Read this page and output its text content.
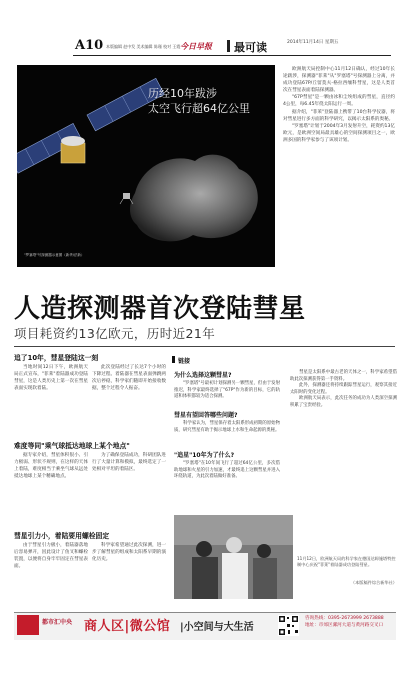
A10 本版编辑 赵中发 美术编辑 陈瑾 校对 王霞 今日早报 最可读	2014年11月14日 星期五
历经10年跋涉
太空飞行超64亿公里
"罗塞塔"号探测器示意图（新华/法新）

欧洲航天局控制中心11月12日确认，经过10年长途跋涉，探测器"菲莱"从"罗塞塔"号探测器上分离，并成功登陆67P/丘留莫夫-格拉西缅科彗星，这是人类首次在彗星表面着陆探测器。

"67P彗星"是一颗由冰和尘埃组成的彗星，直径约4公里，每6.45年绕太阳运行一周。

据介绍，"菲莱"登陆器上携带了10台科学仪器，将对彗星进行多方面的科学研究，以揭示太阳系的奥秘。

"罗塞塔"计划于2004年3月发射升空，耗资约13亿欧元，是欧洲空间局最具雄心的空间探测项目之一，欧洲多国的科学家参与了该项计划。

人造探测器首次登陆彗星
项目耗资约13亿欧元，历时近21年
追了10年，彗星登陆这一刻

当地时间12日下午，欧洲航天局正式宣布，"菲莱"着陆器成功登陆彗星，这是人类历史上第一次在彗星表面实现软着陆。

此次登陆经过了长达7个小时的下降过程。着陆器在彗星表面弹跳两次后停稳，科学家们随即开始接收数据，整个过程令人振奋。

难度等同"乘气球抵达地球上某个地点"

据专家介绍，彗星体积很小、引力极弱、形状不规则，在这样的天体上着陆，难度相当于乘坐气球从远处抵达地球上某个精确地点。

为了确保登陆成功，科研团队进行了大量计算和模拟，最终选定了一处相对平坦的着陆区。

彗星引力小，着陆要用螺栓固定

由于彗星引力极小，着陆器落地后容易弹开，因此设计了鱼叉和螺栓装置，以便将自身牢牢固定在彗星表面。

科学家希望通过此次探测，进一步了解彗星的组成和太阳系早期的演化历史。

链接
为什么选择这颗彗星?

"罗塞塔"号最初计划探测另一颗彗星，但由于发射推迟，科学家最终选择了"67P"作为新的目标，它的轨道和体积都较为适合探测。

彗星有望回答哪些问题?

科学家认为，彗星保存着太阳系形成初期的原始物质，研究彗星有助于揭示地球上水和生命起源的奥秘。

"追星"10年为了什么?

"罗塞塔"在10年间飞行了超过64亿公里，多次借助地球和火星的引力加速，才最终追上这颗彗星并进入环绕轨道，为此次着陆做好准备。

彗星是太阳系中最古老的天体之一，科学家希望借助此次探测获得第一手资料。

此外，探测器还将持续跟踪彗星运行，观察其接近太阳时的变化过程。

欧洲航天局表示，此次任务的成功为人类深空探测积累了宝贵经验。

11月12日，欧洲航天局的科学家在德国达姆施塔特控制中心庆祝"菲莱"着陆器成功登陆彗星。
（本版稿件综合新华社）
都市汇中央 商人区|微公馆 |小空间与大生活
咨询热线：0395-2673999 2673888
地址：市郊区漯河大道与黄河路交叉口
